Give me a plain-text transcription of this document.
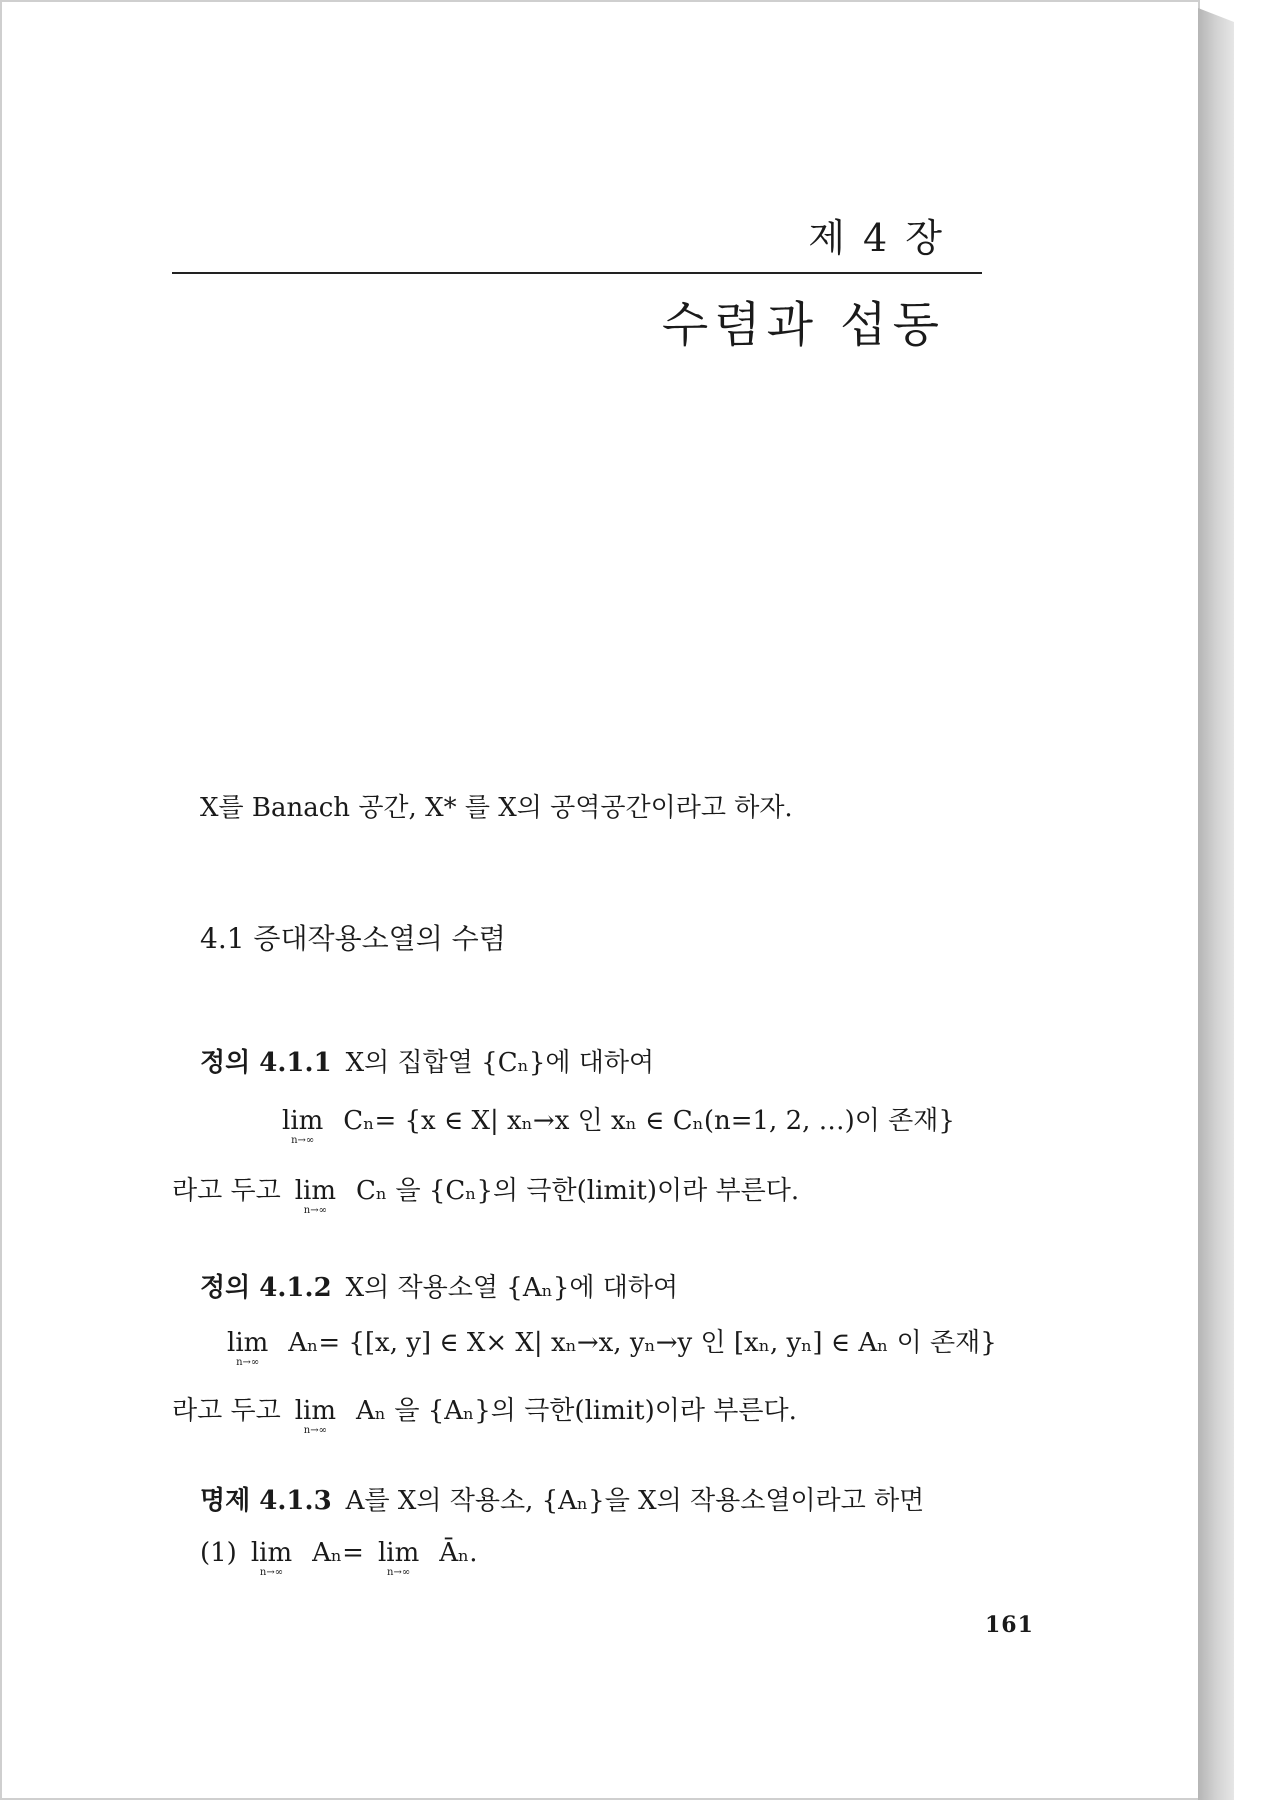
제 4 장
수렴과 섭동
X를 Banach 공간, X* 를 X의 공역공간이라고 하자.
4.1 증대작용소열의 수렴
정의 4.1.1 X의 집합열 {Cₙ}에 대하여
lim
n→∞
Cₙ= {x ∈ X| xₙ→x 인 xₙ ∈ Cₙ(n=1, 2, …)이 존재}
라고 두고 lim
n→∞
Cₙ 을 {Cₙ}의 극한(limit)이라 부른다.
정의 4.1.2 X의 작용소열 {Aₙ}에 대하여
lim
n→∞
Aₙ= {[x, y] ∈ X× X| xₙ→x, yₙ→y 인 [xₙ, yₙ] ∈ Aₙ 이 존재}
라고 두고 lim
n→∞
Aₙ 을 {Aₙ}의 극한(limit)이라 부른다.
명제 4.1.3 A를 X의 작용소, {Aₙ}을 X의 작용소열이라고 하면
(1) lim
n→∞
Aₙ= lim
n→∞
Āₙ.
161
